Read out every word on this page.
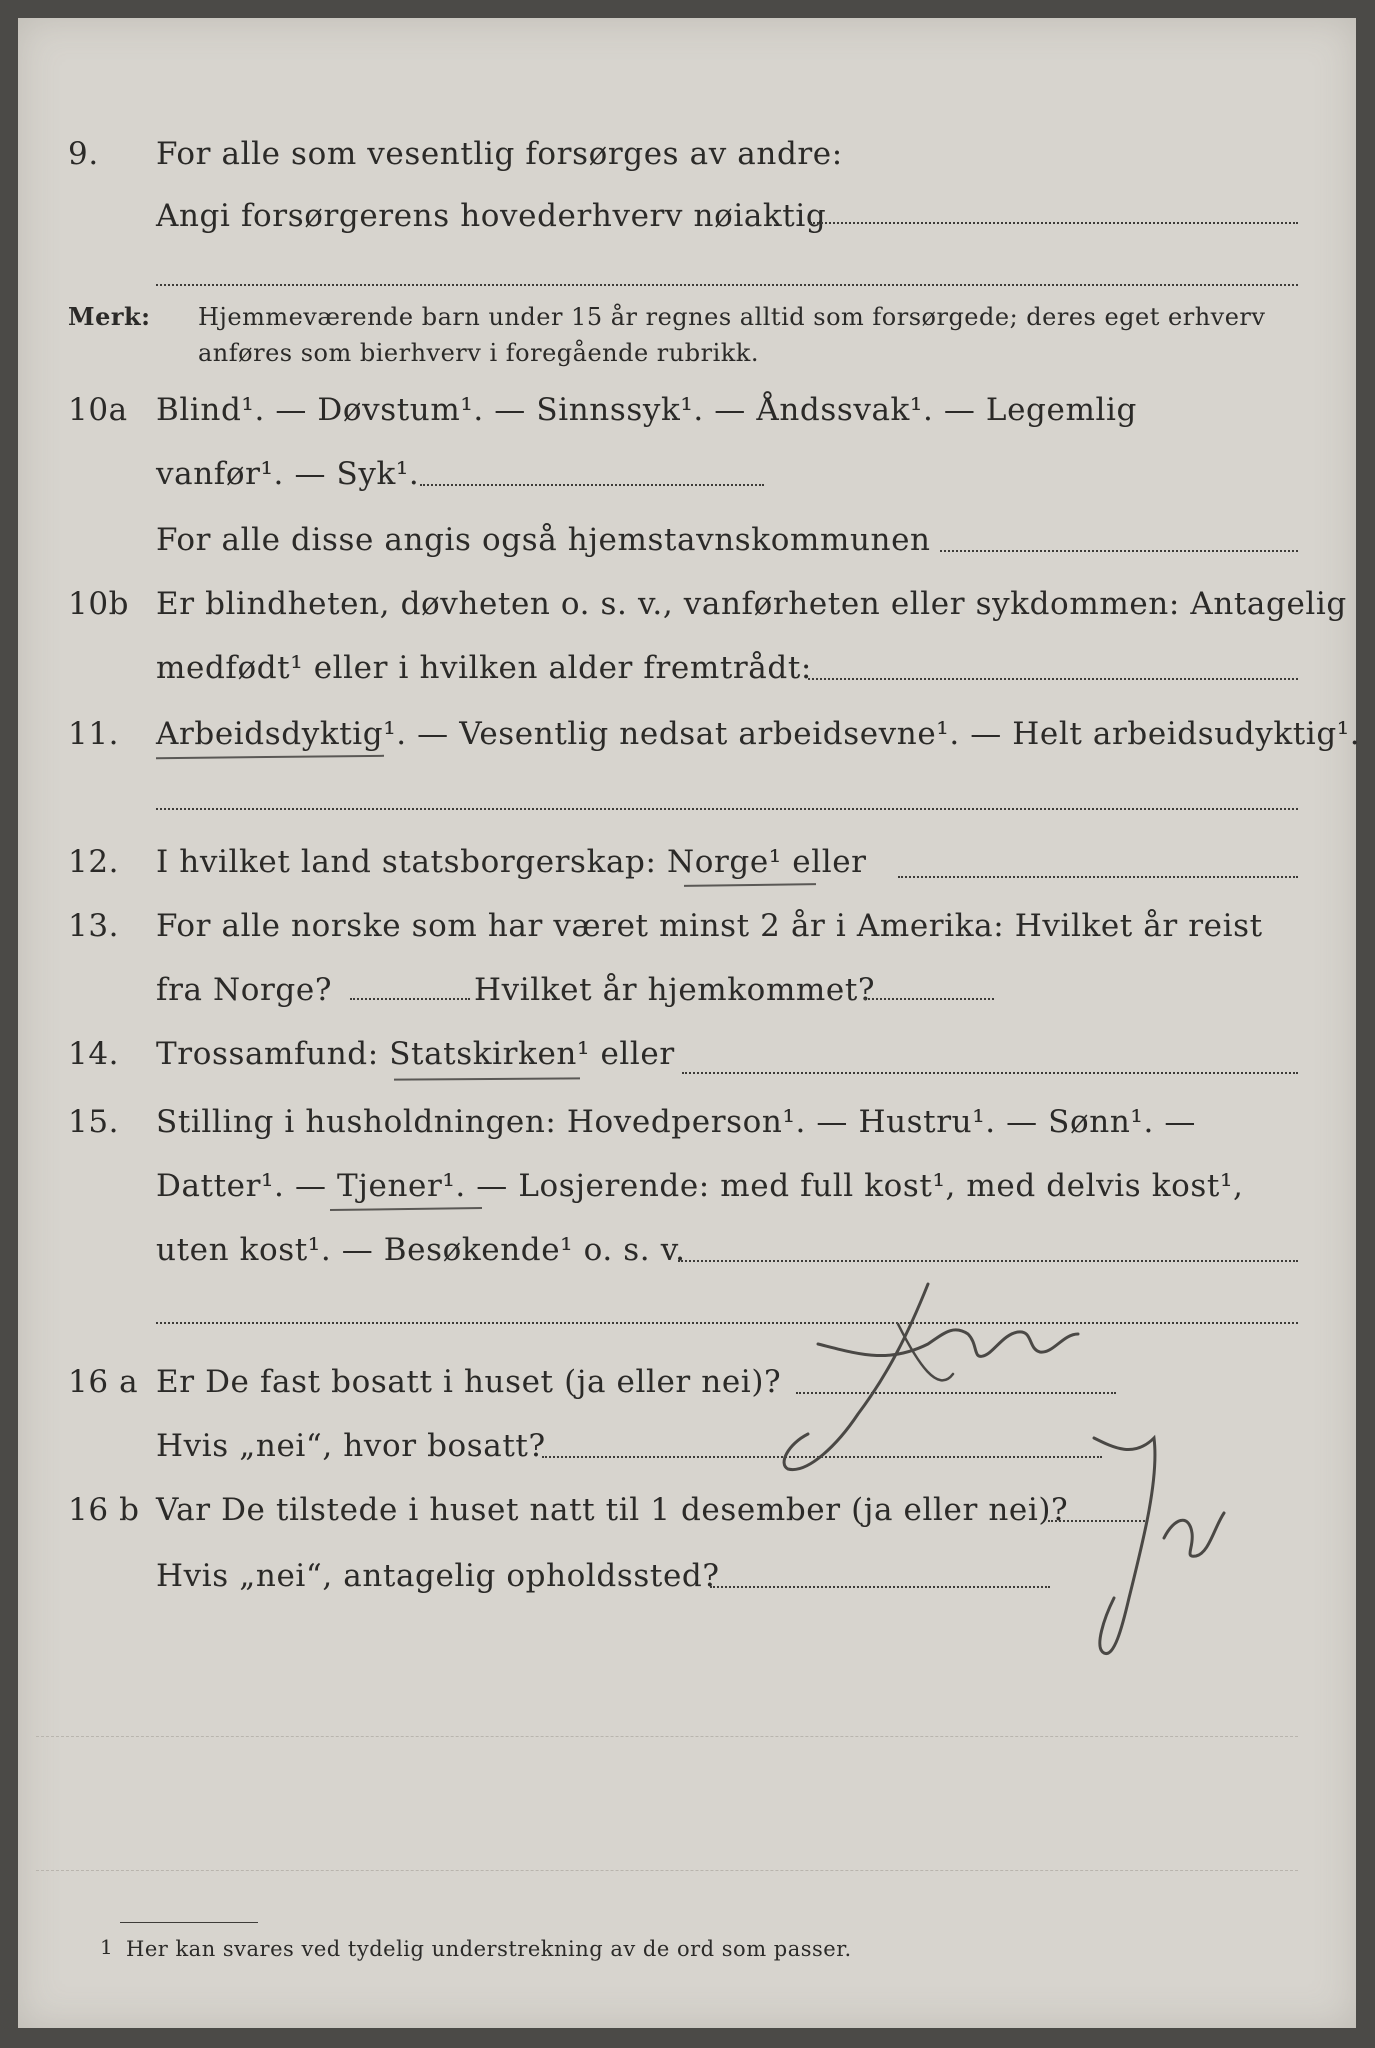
9. For alle som vesentlig forsørges av andre:
Angi forsørgerens hovederhverv nøiaktig
Merk: Hjemmeværende barn under 15 år regnes alltid som forsørgede; deres eget erhverv
anføres som bierhverv i foregående rubrikk.
10a Blind¹. — Døvstum¹. — Sinnssyk¹. — Åndssvak¹. — Legemlig
vanfør¹. — Syk¹.
For alle disse angis også hjemstavnskommunen
10b Er blindheten, døvheten o. s. v., vanførheten eller sykdommen: Antagelig
medfødt¹ eller i hvilken alder fremtrådt:
11. Arbeidsdyktig¹. — Vesentlig nedsat arbeidsevne¹. — Helt arbeidsudyktig¹.
12. I hvilket land statsborgerskap: Norge¹ eller
13. For alle norske som har været minst 2 år i Amerika: Hvilket år reist
fra Norge?	Hvilket år hjemkommet?
14. Trossamfund: Statskirken¹ eller
15. Stilling i husholdningen: Hovedperson¹. — Hustru¹. — Sønn¹. —
Datter¹. — Tjener¹. — Losjerende: med full kost¹, med delvis kost¹,
uten kost¹. — Besøkende¹ o. s. v.
16 a Er De fast bosatt i huset (ja eller nei)?
Hvis „nei“, hvor bosatt?
16 b Var De tilstede i huset natt til 1 desember (ja eller nei)?
Hvis „nei“, antagelig opholdssted?
1 Her kan svares ved tydelig understrekning av de ord som passer.
